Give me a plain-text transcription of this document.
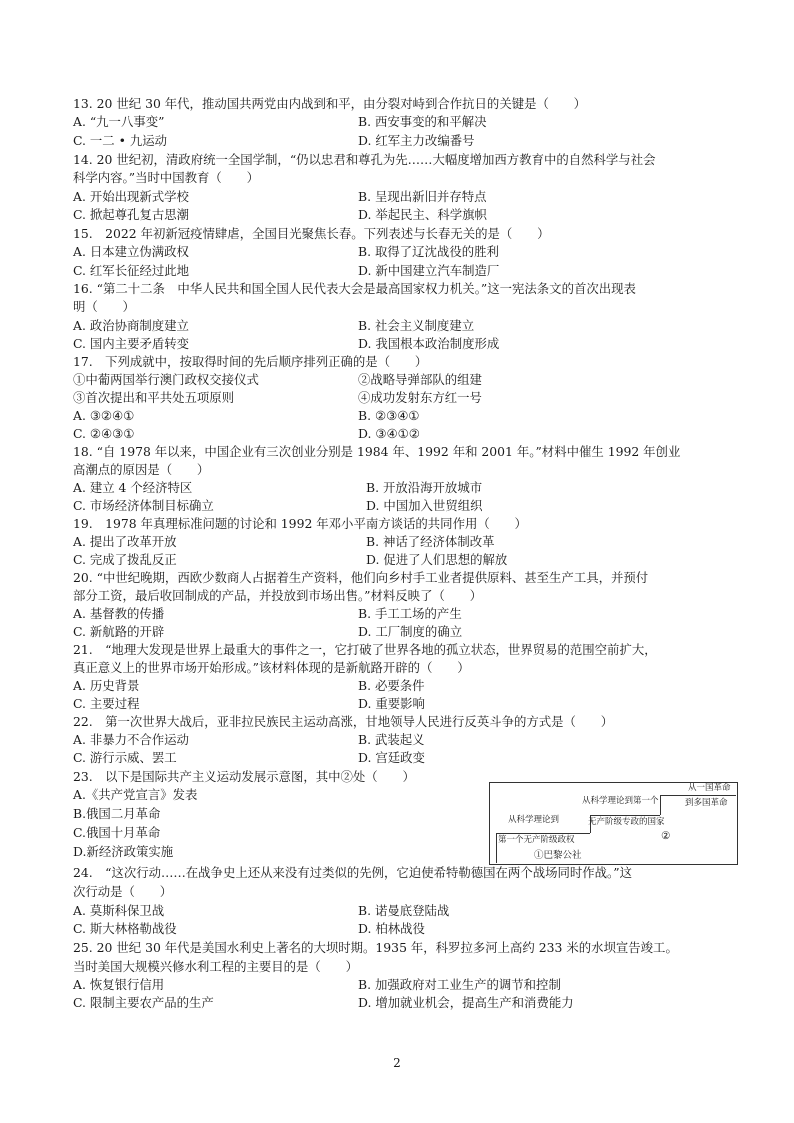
13. 20 世纪 30 年代，推动国共两党由内战到和平，由分裂对峙到合作抗日的关键是（　　）
A. “九一八事变”	B. 西安事变的和平解决
C. 一二 • 九运动	D. 红军主力改编番号
14. 20 世纪初，清政府统一全国学制，“仍以忠君和尊孔为先……大幅度增加西方教育中的自然科学与社会
科学内容。”当时中国教育（　　）
A. 开始出现新式学校	B. 呈现出新旧并存特点
C. 掀起尊孔复古思潮	D. 举起民主、科学旗帜
15.　2022 年初新冠疫情肆虐，全国目光聚焦长春。下列表述与长春无关的是（　　）
A. 日本建立伪满政权	B. 取得了辽沈战役的胜利
C. 红军长征经过此地	D. 新中国建立汽车制造厂
16. “第二十二条　中华人民共和国全国人民代表大会是最高国家权力机关。”这一宪法条文的首次出现表
明（　　）
A. 政治协商制度建立	B. 社会主义制度建立
C. 国内主要矛盾转变	D. 我国根本政治制度形成
17.　下列成就中，按取得时间的先后顺序排列正确的是（　　）
①中葡两国举行澳门政权交接仪式	②战略导弹部队的组建
③首次提出和平共处五项原则	④成功发射东方红一号
A. ③②④①	B. ②③④①
C. ②④③①	D. ③④①②
18. “自 1978 年以来，中国企业有三次创业分别是 1984 年、1992 年和 2001 年。”材料中催生 1992 年创业
高潮点的原因是（　　）
A. 建立 4 个经济特区	B. 开放沿海开放城市
C. 市场经济体制目标确立	D. 中国加入世贸组织
19.　1978 年真理标准问题的讨论和 1992 年邓小平南方谈话的共同作用（　　）
A. 提出了改革开放	B. 神话了经济体制改革
C. 完成了拨乱反正	D. 促进了人们思想的解放
20. “中世纪晚期，西欧少数商人占据着生产资料，他们向乡村手工业者提供原料、甚至生产工具，并预付
部分工资，最后收回制成的产品，并投放到市场出售。”材料反映了（　　）
A. 基督教的传播	B. 手工工场的产生
C. 新航路的开辟	D. 工厂制度的确立
21.　“地理大发现是世界上最重大的事件之一，它打破了世界各地的孤立状态，世界贸易的范围空前扩大，
真正意义上的世界市场开始形成。”该材料体现的是新航路开辟的（　　）
A. 历史背景	B. 必要条件
C. 主要过程	D. 重要影响
22.　第一次世界大战后，亚非拉民族民主运动高涨，甘地领导人民进行反英斗争的方式是（　　）
A. 非暴力不合作运动	B. 武装起义
C. 游行示威、罢工	D. 宫廷政变
23.　以下是国际共产主义运动发展示意图，其中②处（　　）
A.《共产党宣言》发表
B.俄国二月革命
C.俄国十月革命
D.新经济政策实施
从科学理论到
第一个无产阶级政权
从科学理论到第一个
无产阶级专政的国家
从一国革命
到多国革命
①巴黎公社
②
24.　“这次行动……在战争史上还从来没有过类似的先例，它迫使希特勒德国在两个战场同时作战。”这
次行动是（　　）
A. 莫斯科保卫战	B. 诺曼底登陆战
C. 斯大林格勒战役	D. 柏林战役
25. 20 世纪 30 年代是美国水利史上著名的大坝时期。1935 年，科罗拉多河上高约 233 米的水坝宣告竣工。
当时美国大规模兴修水利工程的主要目的是（　　）
A. 恢复银行信用	B. 加强政府对工业生产的调节和控制
C. 限制主要农产品的生产	D. 增加就业机会，提高生产和消费能力
2
